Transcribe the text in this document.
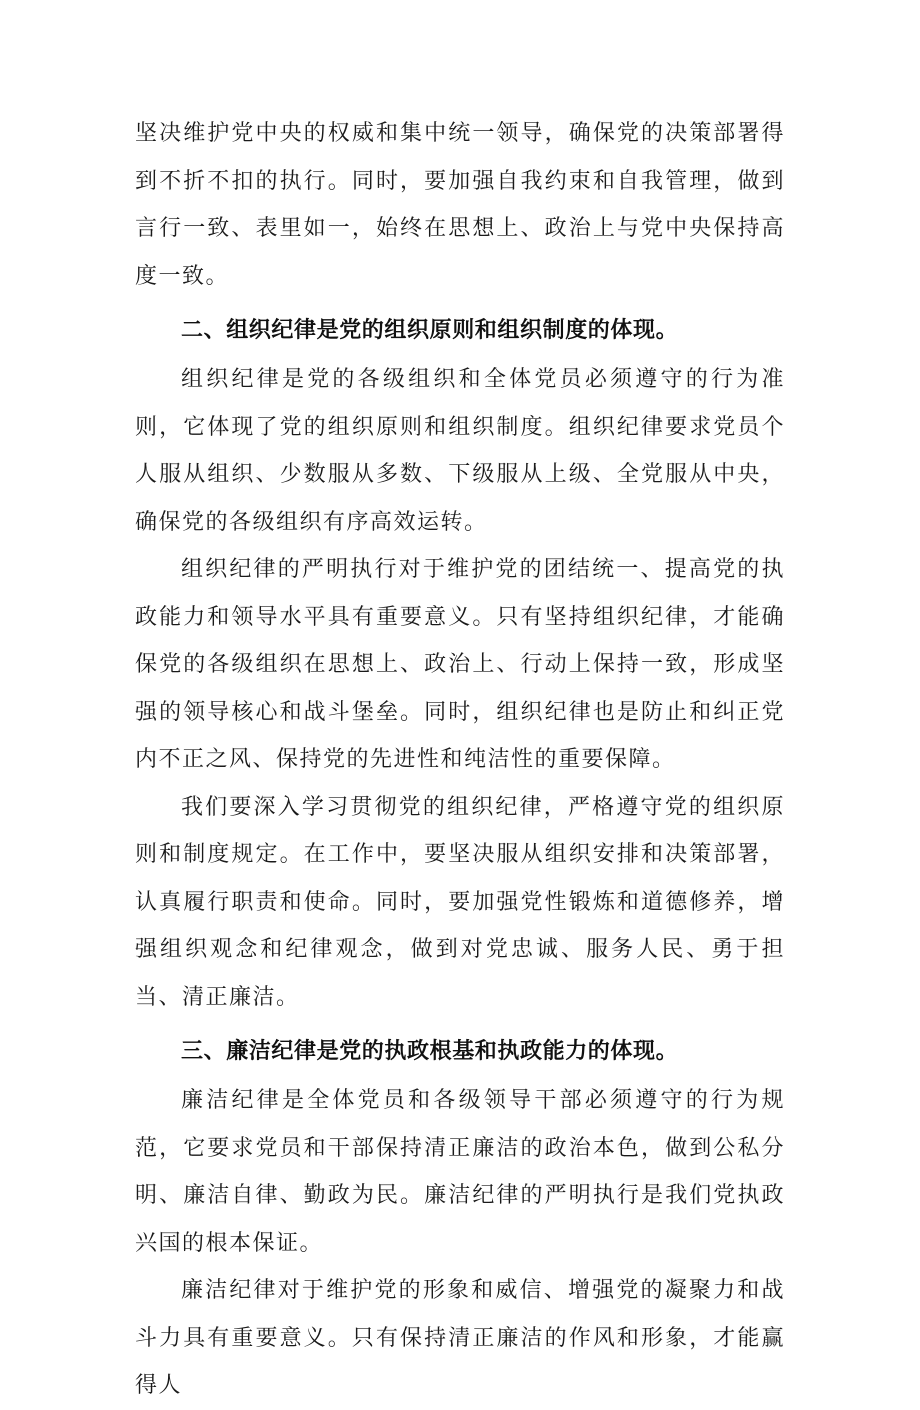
坚决维护党中央的权威和集中统一领导，确保党的决策部署得到不折不扣的执行。同时，要加强自我约束和自我管理，做到言行一致、表里如一，始终在思想上、政治上与党中央保持高度一致。

二、组织纪律是党的组织原则和组织制度的体现。

组织纪律是党的各级组织和全体党员必须遵守的行为准则，它体现了党的组织原则和组织制度。组织纪律要求党员个人服从组织、少数服从多数、下级服从上级、全党服从中央，确保党的各级组织有序高效运转。

组织纪律的严明执行对于维护党的团结统一、提高党的执政能力和领导水平具有重要意义。只有坚持组织纪律，才能确保党的各级组织在思想上、政治上、行动上保持一致，形成坚强的领导核心和战斗堡垒。同时，组织纪律也是防止和纠正党内不正之风、保持党的先进性和纯洁性的重要保障。

我们要深入学习贯彻党的组织纪律，严格遵守党的组织原则和制度规定。在工作中，要坚决服从组织安排和决策部署，认真履行职责和使命。同时，要加强党性锻炼和道德修养，增强组织观念和纪律观念，做到对党忠诚、服务人民、勇于担当、清正廉洁。

三、廉洁纪律是党的执政根基和执政能力的体现。

廉洁纪律是全体党员和各级领导干部必须遵守的行为规范，它要求党员和干部保持清正廉洁的政治本色，做到公私分明、廉洁自律、勤政为民。廉洁纪律的严明执行是我们党执政兴国的根本保证。

廉洁纪律对于维护党的形象和威信、增强党的凝聚力和战斗力具有重要意义。只有保持清正廉洁的作风和形象，才能赢得人
